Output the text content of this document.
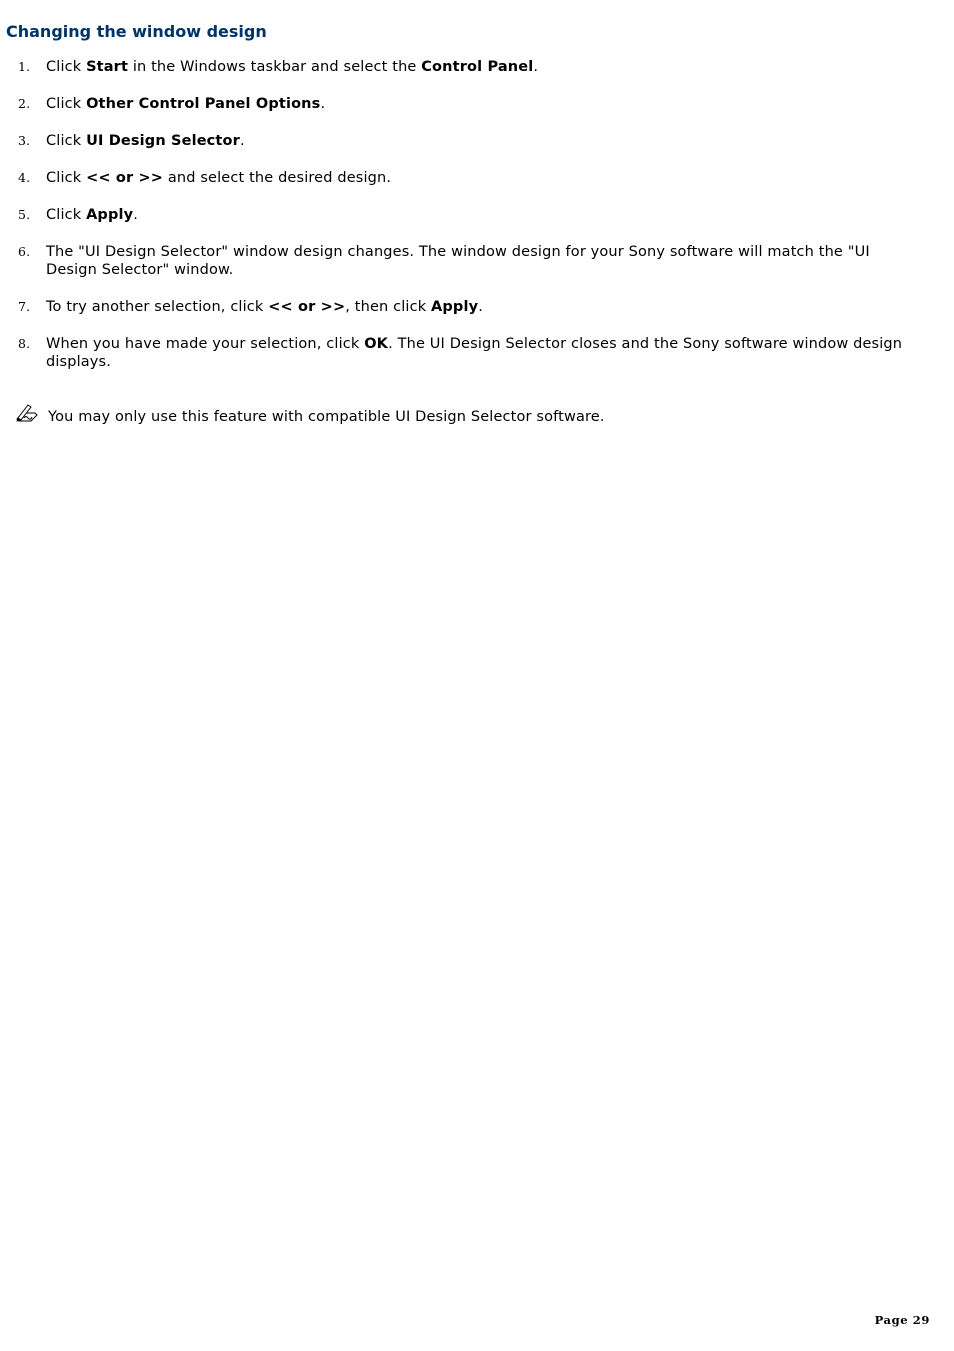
Changing the window design
1. Click Start in the Windows taskbar and select the Control Panel.
2. Click Other Control Panel Options.
3. Click UI Design Selector.
4. Click << or >> and select the desired design.
5. Click Apply.
6. The "UI Design Selector" window design changes. The window design for your Sony software will match the "UI Design Selector" window.
7. To try another selection, click << or >>, then click Apply.
8. When you have made your selection, click OK. The UI Design Selector closes and the Sony software window design displays.
You may only use this feature with compatible UI Design Selector software.
Page 29
